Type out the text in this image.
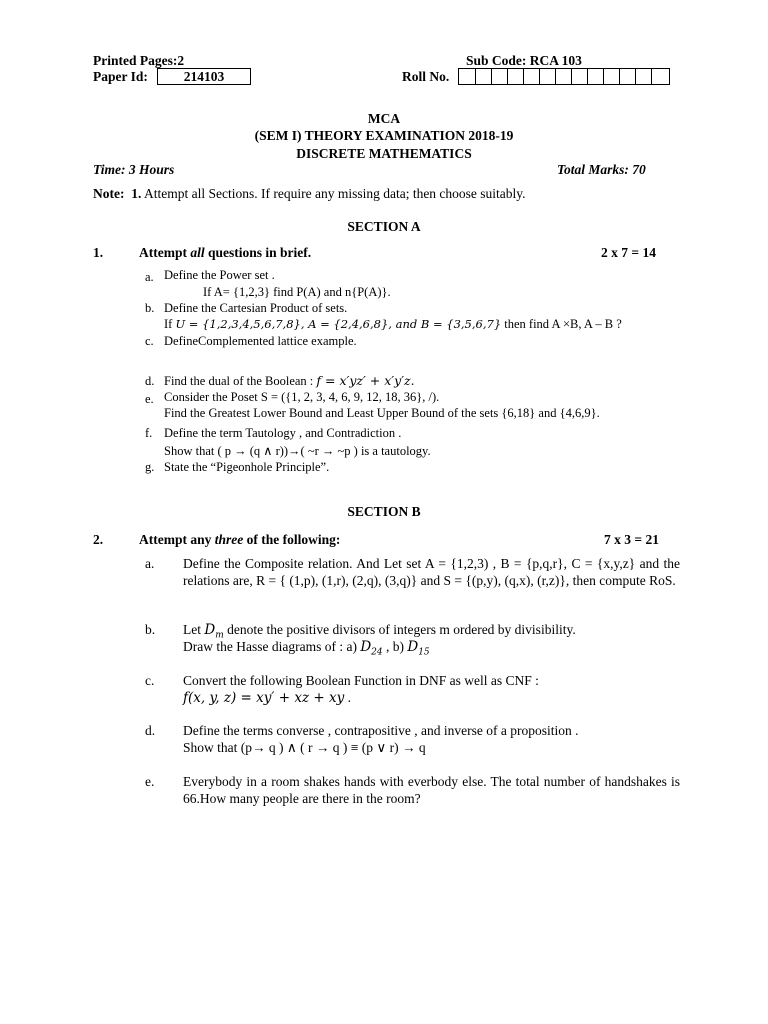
Printed Pages:2	Sub Code: RCA 103
Paper Id:	214103	Roll No.
MCA
(SEM I) THEORY EXAMINATION 2018-19
DISCRETE MATHEMATICS
Time: 3 Hours	Total Marks: 70
Note: 1. Attempt all Sections. If require any missing data; then choose suitably.
SECTION A
1.	Attempt all questions in brief.	2 x 7 = 14
a. Define the Power set .
If A= {1,2,3} find P(A) and n{P(A)}.
b. Define the Cartesian Product of sets.
If U = {1,2,3,4,5,6,7,8}, A = {2,4,6,8}, and B = {3,5,6,7} then find A ×B, A – B ?
c. DefineComplemented lattice example.
d. Find the dual of the Boolean : f = x′yz′ + x′y′z.
e. Consider the Poset S = ({1, 2, 3, 4, 6, 9, 12, 18, 36}, /).
Find the Greatest Lower Bound and Least Upper Bound of the sets {6,18} and {4,6,9}.
f. Define the term Tautology , and Contradiction .
Show that ( p → (q ∧ r))→( ~r → ~p ) is a tautology.
g. State the “Pigeonhole Principle”.
SECTION B
2.	Attempt any three of the following:	7 x 3 = 21
a. Define the Composite relation. And Let set A = {1,2,3) , B = {p,q,r}, C = {x,y,z} and the relations are, R = { (1,p), (1,r), (2,q), (3,q)} and S = {(p,y), (q,x), (r,z)}, then compute RoS.
b. Let $D_m$ denote the positive divisors of integers m ordered by divisibility.
Draw the Hasse diagrams of : a) $D_{24}$ , b) $D_{15}$
c. Convert the following Boolean Function in DNF as well as CNF :
f(x, y, z) = xy′ + xz + xy .
d. Define the terms converse , contrapositive , and inverse of a proposition .
Show that (p→ q ) ∧ ( r → q ) ≡ (p ∨ r) → q
e. Everybody in a room shakes hands with everbody else. The total number of handshakes is 66.How many people are there in the room?
